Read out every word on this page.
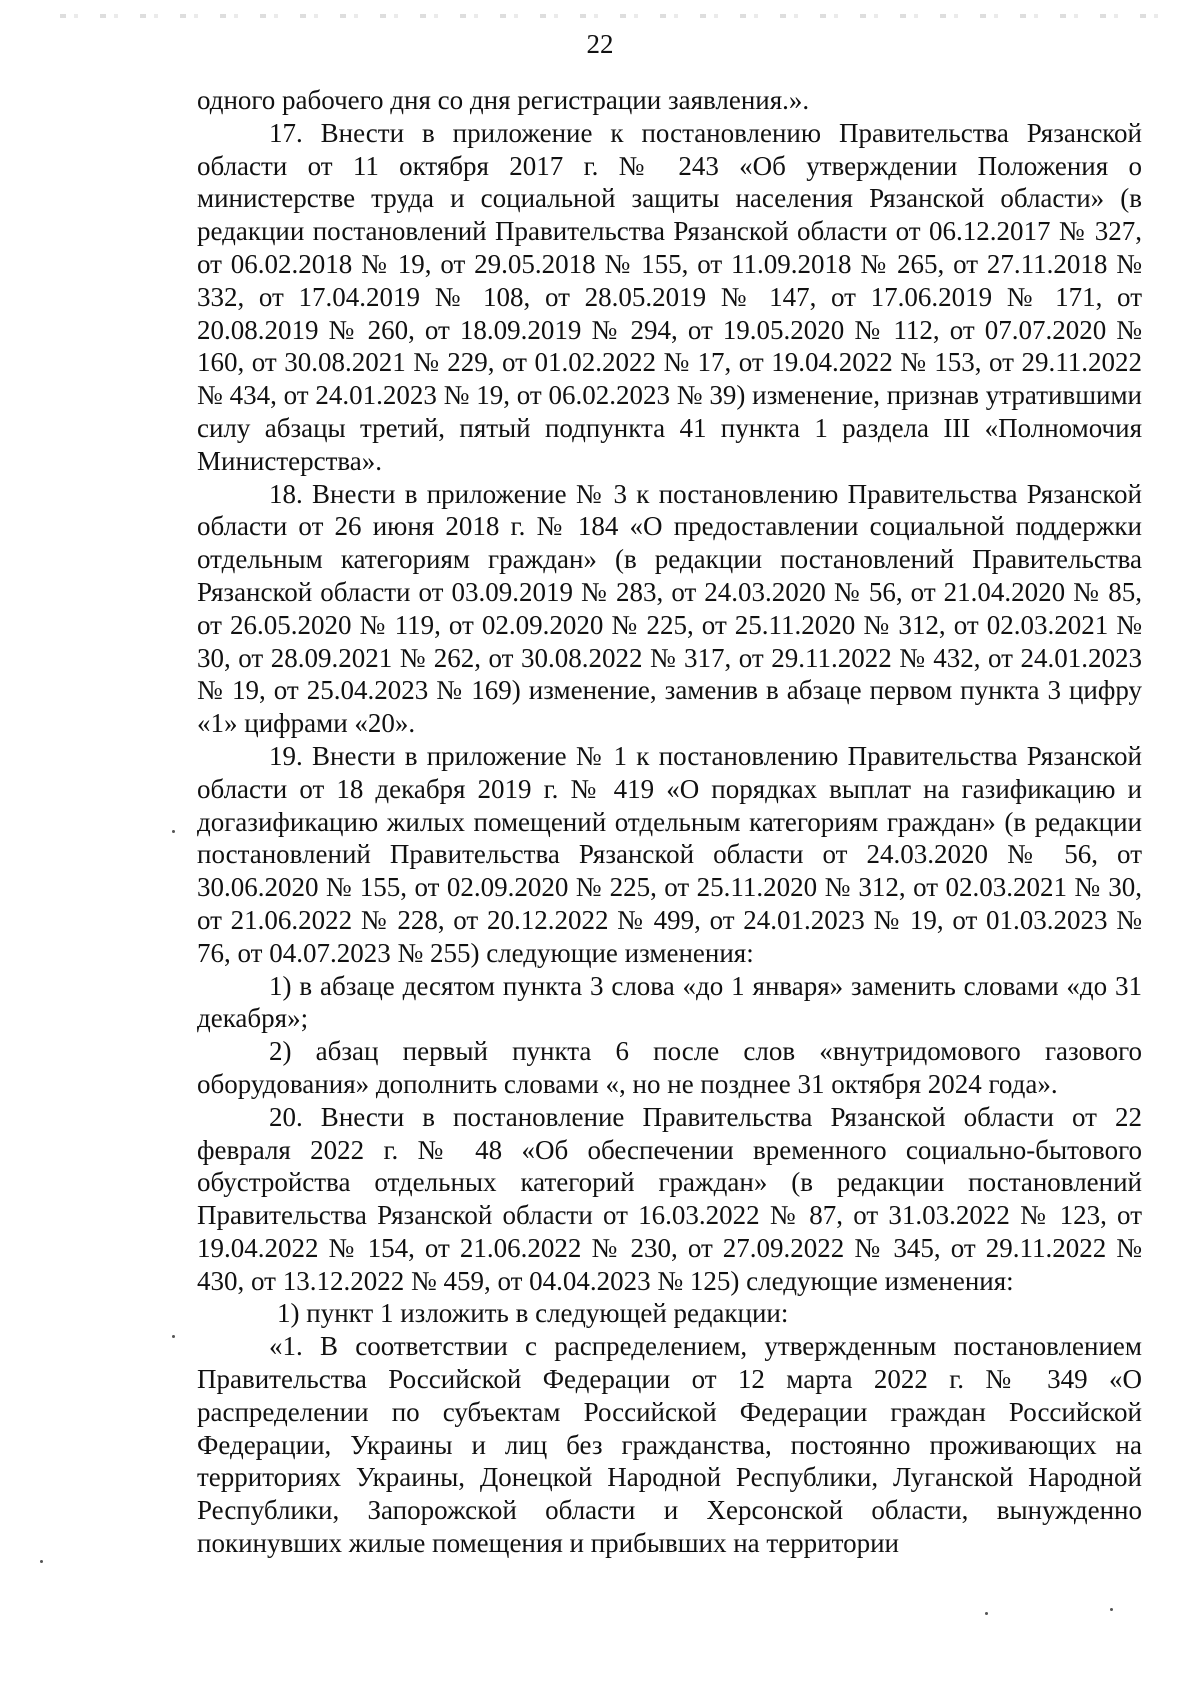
22

одного рабочего дня со дня регистрации заявления.».

17. Внести в приложение к постановлению Правительства Рязанской области от 11 октября 2017 г. № 243 «Об утверждении Положения о министерстве труда и социальной защиты населения Рязанской области» (в редакции постановлений Правительства Рязанской области от 06.12.2017 № 327, от 06.02.2018 № 19, от 29.05.2018 № 155, от 11.09.2018 № 265, от 27.11.2018 № 332, от 17.04.2019 № 108, от 28.05.2019 № 147, от 17.06.2019 № 171, от 20.08.2019 № 260, от 18.09.2019 № 294, от 19.05.2020 № 112, от 07.07.2020 № 160, от 30.08.2021 № 229, от 01.02.2022 № 17, от 19.04.2022 № 153, от 29.11.2022 № 434, от 24.01.2023 № 19, от 06.02.2023 № 39) изменение, признав утратившими силу абзацы третий, пятый подпункта 41 пункта 1 раздела III «Полномочия Министерства».

18. Внести в приложение № 3 к постановлению Правительства Рязанской области от 26 июня 2018 г. № 184 «О предоставлении социальной поддержки отдельным категориям граждан» (в редакции постановлений Правительства Рязанской области от 03.09.2019 № 283, от 24.03.2020 № 56, от 21.04.2020 № 85, от 26.05.2020 № 119, от 02.09.2020 № 225, от 25.11.2020 № 312, от 02.03.2021 № 30, от 28.09.2021 № 262, от 30.08.2022 № 317, от 29.11.2022 № 432, от 24.01.2023 № 19, от 25.04.2023 № 169) изменение, заменив в абзаце первом пункта 3 цифру «1» цифрами «20».

19. Внести в приложение № 1 к постановлению Правительства Рязанской области от 18 декабря 2019 г. № 419 «О порядках выплат на газификацию и догазификацию жилых помещений отдельным категориям граждан» (в редакции постановлений Правительства Рязанской области от 24.03.2020 № 56, от 30.06.2020 № 155, от 02.09.2020 № 225, от 25.11.2020 № 312, от 02.03.2021 № 30, от 21.06.2022 № 228, от 20.12.2022 № 499, от 24.01.2023 № 19, от 01.03.2023 № 76, от 04.07.2023 № 255) следующие изменения:

1) в абзаце десятом пункта 3 слова «до 1 января» заменить словами «до 31 декабря»;

2) абзац первый пункта 6 после слов «внутридомового газового оборудования» дополнить словами «, но не позднее 31 октября 2024 года».

20. Внести в постановление Правительства Рязанской области от 22 февраля 2022 г. № 48 «Об обеспечении временного социально-бытового обустройства отдельных категорий граждан» (в редакции постановлений Правительства Рязанской области от 16.03.2022 № 87, от 31.03.2022 № 123, от 19.04.2022 № 154, от 21.06.2022 № 230, от 27.09.2022 № 345, от 29.11.2022 № 430, от 13.12.2022 № 459, от 04.04.2023 № 125) следующие изменения:

1) пункт 1 изложить в следующей редакции:

«1. В соответствии с распределением, утвержденным постановлением Правительства Российской Федерации от 12 марта 2022 г. № 349 «О распределении по субъектам Российской Федерации граждан Российской Федерации, Украины и лиц без гражданства, постоянно проживающих на территориях Украины, Донецкой Народной Республики, Луганской Народной Республики, Запорожской области и Херсонской области, вынужденно покинувших жилые помещения и прибывших на территории
